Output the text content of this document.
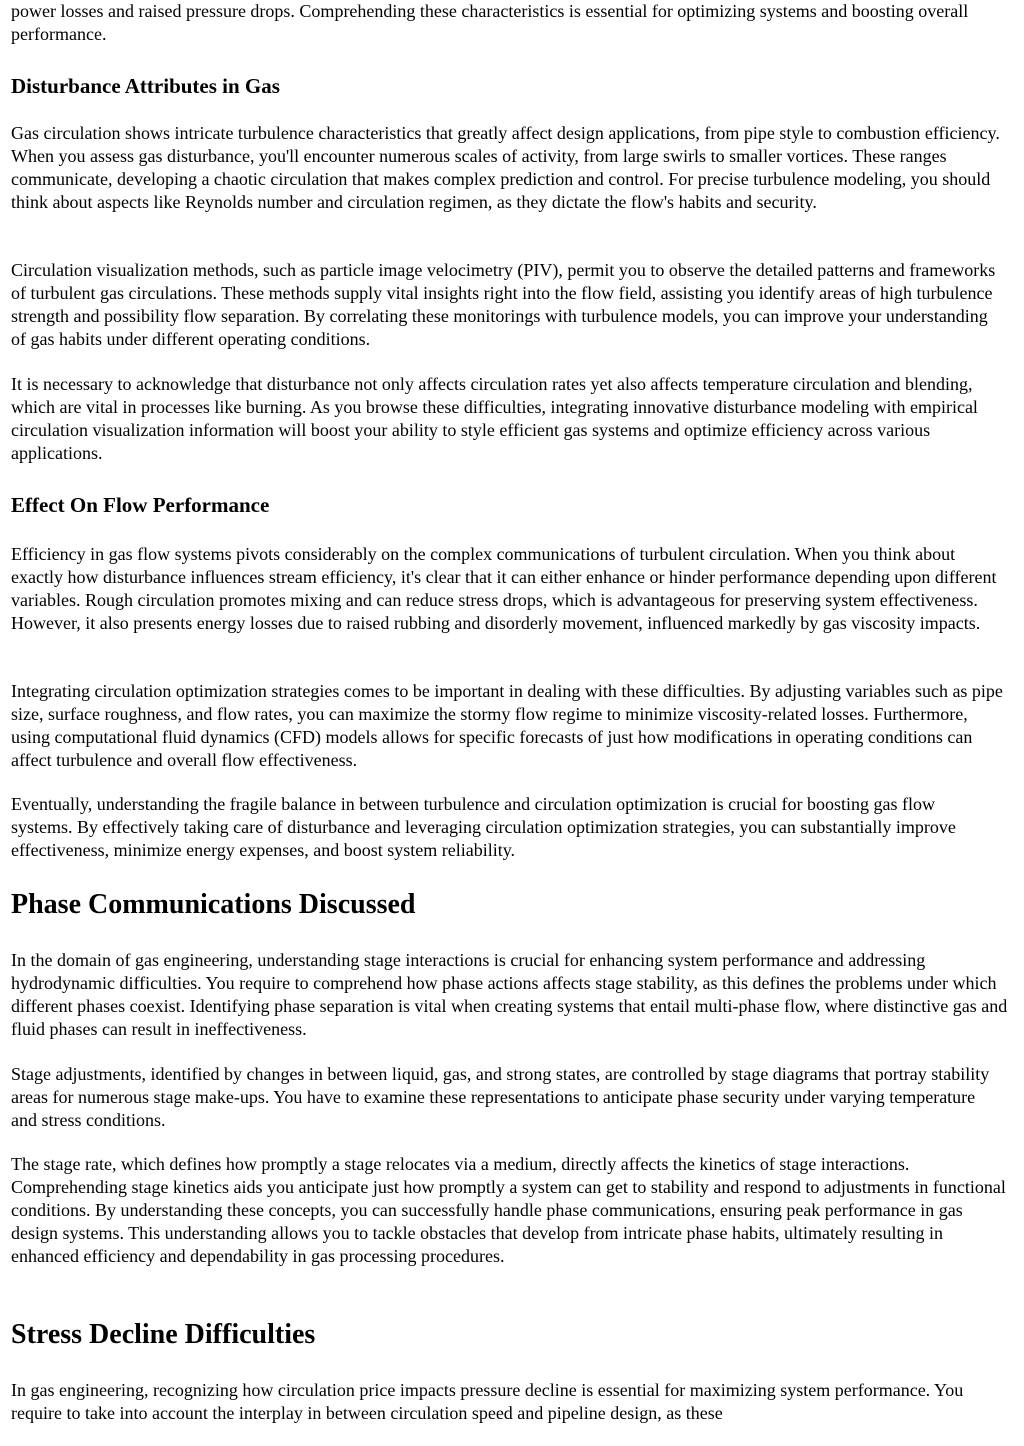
power losses and raised pressure drops. Comprehending these characteristics is essential for optimizing systems and boosting overall performance.

Disturbance Attributes in Gas

Gas circulation shows intricate turbulence characteristics that greatly affect design applications, from pipe style to combustion efficiency. When you assess gas disturbance, you'll encounter numerous scales of activity, from large swirls to smaller vortices. These ranges communicate, developing a chaotic circulation that makes complex prediction and control. For precise turbulence modeling, you should think about aspects like Reynolds number and circulation regimen, as they dictate the flow's habits and security.

Circulation visualization methods, such as particle image velocimetry (PIV), permit you to observe the detailed patterns and frameworks of turbulent gas circulations. These methods supply vital insights right into the flow field, assisting you identify areas of high turbulence strength and possibility flow separation. By correlating these monitorings with turbulence models, you can improve your understanding of gas habits under different operating conditions.

It is necessary to acknowledge that disturbance not only affects circulation rates yet also affects temperature circulation and blending, which are vital in processes like burning. As you browse these difficulties, integrating innovative disturbance modeling with empirical circulation visualization information will boost your ability to style efficient gas systems and optimize efficiency across various applications.

Effect On Flow Performance

Efficiency in gas flow systems pivots considerably on the complex communications of turbulent circulation. When you think about exactly how disturbance influences stream efficiency, it's clear that it can either enhance or hinder performance depending upon different variables. Rough circulation promotes mixing and can reduce stress drops, which is advantageous for preserving system effectiveness. However, it also presents energy losses due to raised rubbing and disorderly movement, influenced markedly by gas viscosity impacts.

Integrating circulation optimization strategies comes to be important in dealing with these difficulties. By adjusting variables such as pipe size, surface roughness, and flow rates, you can maximize the stormy flow regime to minimize viscosity-related losses. Furthermore, using computational fluid dynamics (CFD) models allows for specific forecasts of just how modifications in operating conditions can affect turbulence and overall flow effectiveness.

Eventually, understanding the fragile balance in between turbulence and circulation optimization is crucial for boosting gas flow systems. By effectively taking care of disturbance and leveraging circulation optimization strategies, you can substantially improve effectiveness, minimize energy expenses, and boost system reliability.

Phase Communications Discussed

In the domain of gas engineering, understanding stage interactions is crucial for enhancing system performance and addressing hydrodynamic difficulties. You require to comprehend how phase actions affects stage stability, as this defines the problems under which different phases coexist. Identifying phase separation is vital when creating systems that entail multi-phase flow, where distinctive gas and fluid phases can result in ineffectiveness.

Stage adjustments, identified by changes in between liquid, gas, and strong states, are controlled by stage diagrams that portray stability areas for numerous stage make-ups. You have to examine these representations to anticipate phase security under varying temperature and stress conditions.

The stage rate, which defines how promptly a stage relocates via a medium, directly affects the kinetics of stage interactions. Comprehending stage kinetics aids you anticipate just how promptly a system can get to stability and respond to adjustments in functional conditions. By understanding these concepts, you can successfully handle phase communications, ensuring peak performance in gas design systems. This understanding allows you to tackle obstacles that develop from intricate phase habits, ultimately resulting in enhanced efficiency and dependability in gas processing procedures.

Stress Decline Difficulties

In gas engineering, recognizing how circulation price impacts pressure decline is essential for maximizing system performance. You require to take into account the interplay in between circulation speed and pipeline design, as these
